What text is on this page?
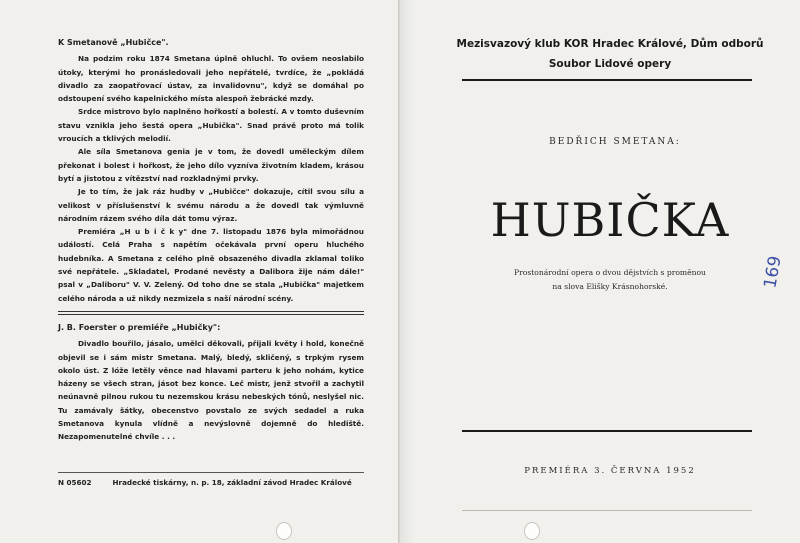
K Smetanově „Hubičce".

Na podzim roku 1874 Smetana úplně ohluchl. To ovšem neoslabilo útoky, kterými ho pronásledovali jeho nepřátelé, tvrdíce, že „pokládá divadlo za zaopatřovací ústav, za invalidovnu", když se domáhal po odstoupení svého kapelnického místa alespoň žebrácké mzdy.

Srdce mistrovo bylo naplněno hořkostí a bolestí. A v tomto duševním stavu vznikla jeho šestá opera „Hubička". Snad právě proto má tolik vroucích a tklivých melodií.

Ale síla Smetanova genia je v tom, že dovedl uměleckým dílem překonat i bolest i hořkost, že jeho dílo vyzníva životním kladem, krásou bytí a jistotou z vítězství nad rozkladnými prvky.

Je to tím, že jak ráz hudby v „Hubičce" dokazuje, cítil svou sílu a velikost v příslušenství k svému národu a že dovedl tak výmluvně národním rázem svého díla dát tomu výraz.

Premiéra „H u b i č k y" dne 7. listopadu 1876 byla mimořádnou událostí. Celá Praha s napětím očekávala první operu hluchého hudebníka. A Smetana z celého plně obsazeného divadla zklamal toliko své nepřátele. „Skladatel, Prodané nevěsty a Dalibora žije nám dále!" psal v „Daliboru" V. V. Zelený. Od toho dne se stala „Hubička" majetkem celého národa a už nikdy nezmizela s naší národní scény.

J. B. Foerster o premiéře „Hubičky":

Divadlo bouřilo, jásalo, umělci děkovali, přijali květy i hold, konečně objevil se i sám mistr Smetana. Malý, bledý, skličený, s trpkým rysem okolo úst. Z lóže letěly věnce nad hlavami parteru k jeho nohám, kytice házeny se všech stran, jásot bez konce. Leč mistr, jenž stvořil a zachytil neúnavně pilnou rukou tu nezemskou krásu nebeských tónů, neslyšel nic. Tu zamávaly šátky, obecenstvo povstalo ze svých sedadel a ruka Smetanova kynula vlídně a nevýslovně dojemně do hlediště. Nezapomenutelné chvíle . . .

N 05602	Hradecké tiskárny, n. p. 18, základní závod Hradec Králové
Mezisvazový klub KOR Hradec Králové, Dům odborů
Soubor Lidové opery
BEDŘICH SMETANA:
HUBIČKA
Prostonárodní opera o dvou dějstvích s proměnou
na slova Elišky Krásnohorské.	169
PREMIÉRA 3. ČERVNA 1952
